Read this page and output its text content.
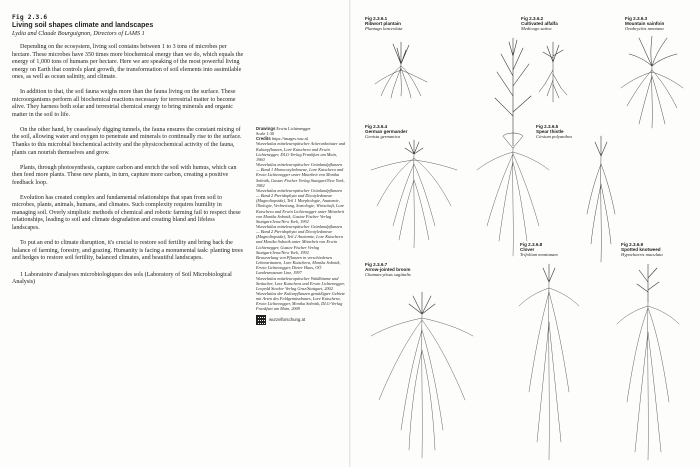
Fig 2.3.6
Living soil shapes climate and landscapes
Lydia and Claude Bourguignon, Directors of LAMS 1

Depending on the ecosystem, living soil contains between 1 to 3 tons of microbes per hectare. These microbes have 350 times more biochemical energy than we do, which equals the energy of 1,000 tons of humans per hectare. Here we are speaking of the most powerful living energy on Earth that controls plant growth, the transformation of soil elements into assimilable ones, as well as ocean salinity, and climate.

In addition to that, the soil fauna weighs more than the fauna living on the surface. These microorganisms perform all biochemical reactions necessary for terrestrial matter to become alive. They harness both solar and terrestrial chemical energy to bring minerals and organic matter in the soil to life.

On the other hand, by ceaselessly digging tunnels, the fauna ensures the constant mixing of the soil, allowing water and oxygen to penetrate and minerals to continually rise to the surface. Thanks to this microbial biochemical activity and the physicochemical activity of the fauna, plants can nourish themselves and grow.

Plants, through photosynthesis, capture carbon and enrich the soil with humus, which can then feed more plants. These new plants, in turn, capture more carbon, creating a positive feedback loop.

Evolution has created complex and fundamental relationships that span from soil to microbes, plants, animals, humans, and climates. Such complexity requires humility in managing soil. Overly simplistic methods of chemical and robotic farming fail to respect these relationships, leading to soil and climate degradation and creating bland and lifeless landscapes.

To put an end to climate disruption, it's crucial to restore soil fertility and bring back the balance of farming, forestry, and grazing. Humanity is facing a monumental task: planting trees and hedges to restore soil fertility, balanced climates, and beautiful landscapes.

1 Laboratoire d'analyses microbiologiques des sols (Laboratory of Soil Microbiological Analysis)

Drawings Erwin Lichtenegger
Scale 1:30
Credits https://images.wur.nl
Wurzelatlas mitteleuropäischer Ackerunkräuter und Kulturpflanzen, Lore Kutschera and Erwin Lichtenegger, DLG-Verlag Frankfurt am Main, 1960
Wurzelatlas mitteleuropäischer Grünlandpflanzen — Band 1 Monocotyledoneae, Lore Kutschera and Erwin Lichtenegger unter Mitarbeit von Monika Sobotik, Gustav Fischer Verlag Stuttgart/New York, 1982
Wurzelatlas mitteleuropäischer Grünlandpflanzen — Band 2 Pteridophyta und Dicotyledoneae (Magnoliopsida), Teil 1 Morphologie, Anatomie, Ökologie, Verbreitung, Soziologie, Wirtschaft, Lore Kutschera and Erwin Lichtenegger unter Mitarbeit von Monika Sobotik, Gustav Fischer Verlag Stuttgart/Jena/New York, 1992
Wurzelatlas mitteleuropäischer Grünlandpflanzen — Band 2 Pteridophyta und Dicotyledoneae (Magnoliopsida), Teil 2 Anatomie, Lore Kutschera and Monika Sobotik unter Mitarbeit von Erwin Lichtenegger, Gustav Fischer Verlag Stuttgart/Jena/New York, 1992
Bewurzelung von Pflanzen in verschiedenen Lebensräumen, Lore Kutschera, Monika Sobotik, Erwin Lichtenegger, Dieter Haas, OÖ Landesmuseum Linz, 1997
Wurzelatlas mitteleuropäischer Waldbäume und Sträucher, Lore Kutschera and Erwin Lichtenegger, Leopold Stocker Verlag Graz/Stuttgart, 2002
Wurzelatlas der Kulturpflanzen gemäßigter Gebiete mit Arten des Feldgemüsebaues, Lore Kutschera, Erwin Lichtenegger, Monika Sobotik, DLG-Verlag Frankfurt am Main, 2009
wurzelforschung.at
Fig 2.3.6.1
Ribwort plantain
Plantago lanceolata
Fig 2.3.6.2
Cultivated alfalfa
Medicago sativa
Fig 2.3.6.3
Mountain sainfoin
Onobrychis montana
Fig 2.3.6.4
German germander
Genista germanica
Fig 2.3.6.5
Spear thistle
Cirsium polyanthos
Fig 2.3.6.7
Arrow-jointed broom
Chamaecytisus sagittalis
Fig 2.3.6.8
Clover
Trifolium montanum
Fig 2.3.6.9
Spotted knotweed
Hypochaeris maculata
